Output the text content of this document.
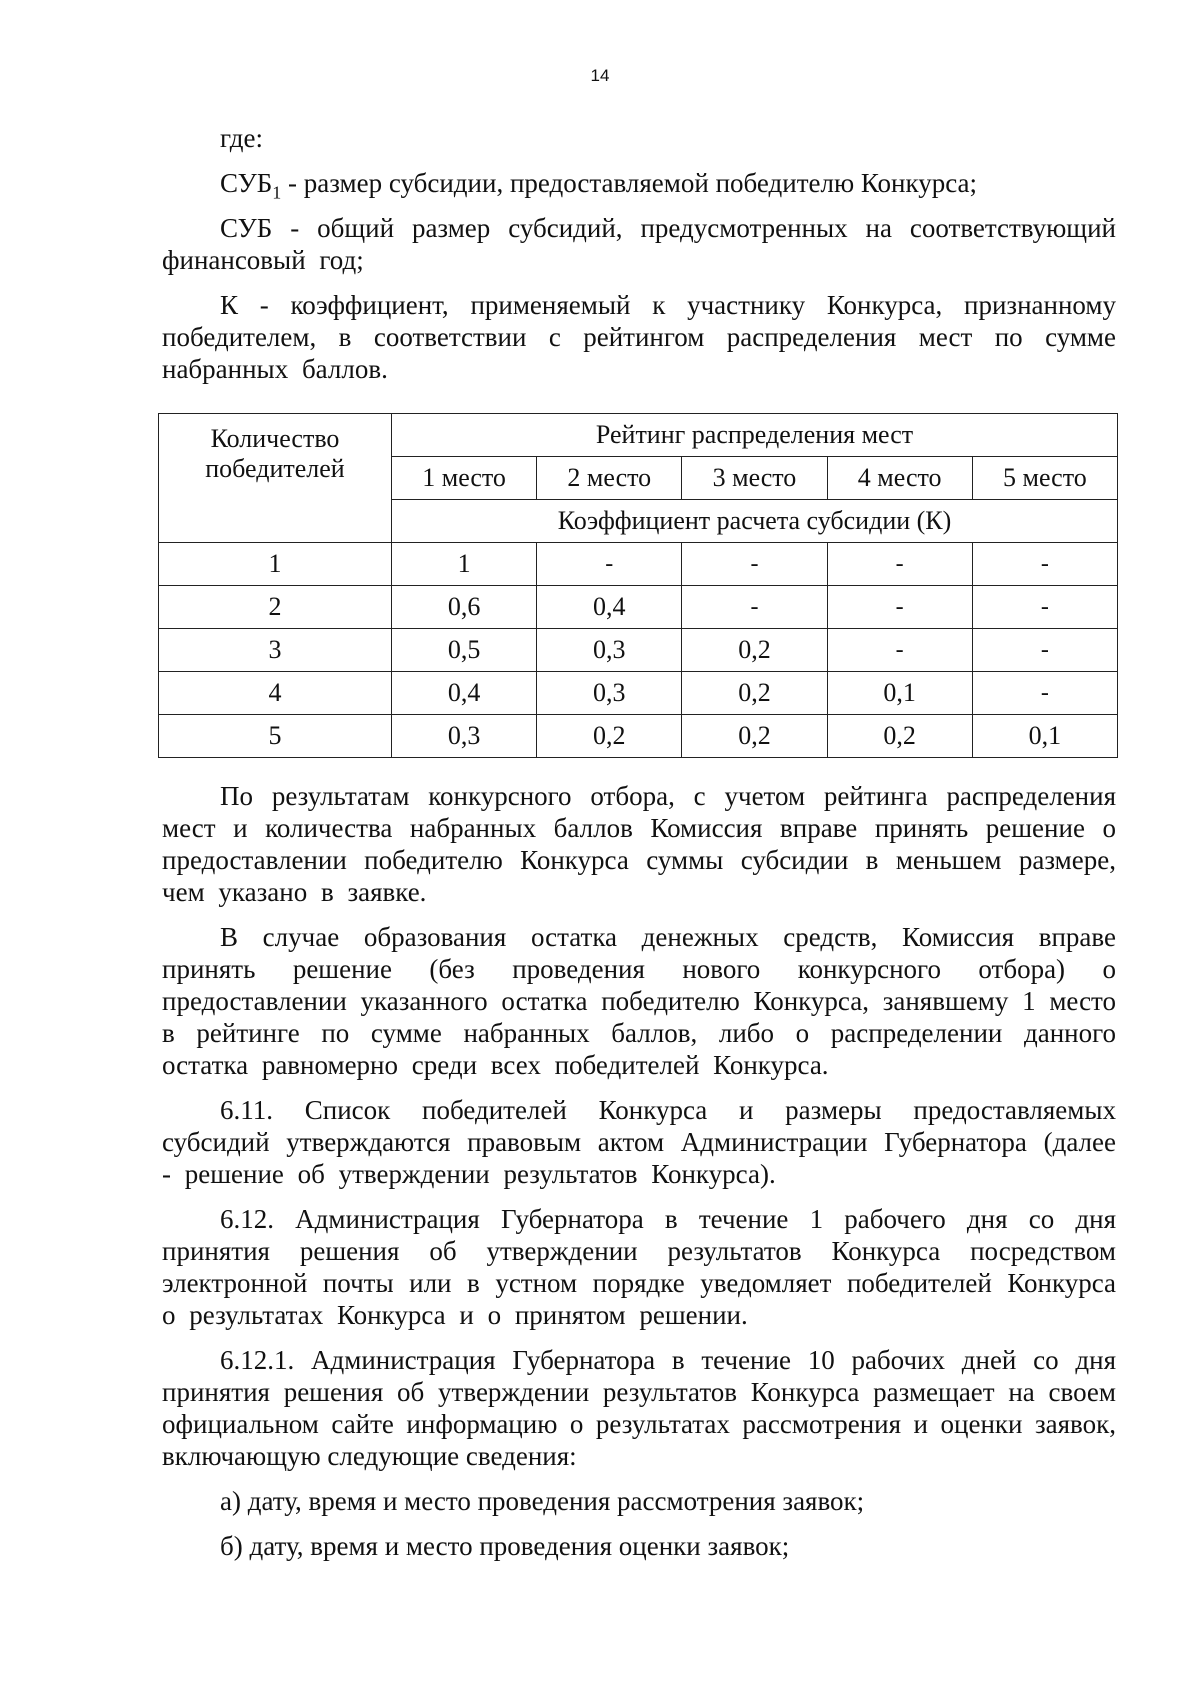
14

где:

$СУБ_1$ - размер субсидии, предоставляемой победителю Конкурса;

СУБ - общий размер субсидий, предусмотренных на соответствующий финансовый год;

К - коэффициент, применяемый к участнику Конкурса, признанному победителем, в соответствии с рейтингом распределения мест по сумме набранных баллов.

Количество победителей	Рейтинг распределения мест				
	1 место	2 место	3 место	4 место	5 место
	Коэффициент расчета субсидии (К)				
1	1	-	-	-	-
2	0,6	0,4	-	-	-
3	0,5	0,3	0,2	-	-
4	0,4	0,3	0,2	0,1	-
5	0,3	0,2	0,2	0,2	0,1

По результатам конкурсного отбора, с учетом рейтинга распределения мест и количества набранных баллов Комиссия вправе принять решение о предоставлении победителю Конкурса суммы субсидии в меньшем размере, чем указано в заявке.

В случае образования остатка денежных средств, Комиссия вправе принять решение (без проведения нового конкурсного отбора) о предоставлении указанного остатка победителю Конкурса, занявшему 1 место в рейтинге по сумме набранных баллов, либо о распределении данного остатка равномерно среди всех победителей Конкурса.

6.11. Список победителей Конкурса и размеры предоставляемых субсидий утверждаются правовым актом Администрации Губернатора (далее - решение об утверждении результатов Конкурса).

6.12. Администрация Губернатора в течение 1 рабочего дня со дня принятия решения об утверждении результатов Конкурса посредством электронной почты или в устном порядке уведомляет победителей Конкурса о результатах Конкурса и о принятом решении.

6.12.1. Администрация Губернатора в течение 10 рабочих дней со дня принятия решения об утверждении результатов Конкурса размещает на своем официальном сайте информацию о результатах рассмотрения и оценки заявок, включающую следующие сведения:

а) дату, время и место проведения рассмотрения заявок;

б) дату, время и место проведения оценки заявок;
